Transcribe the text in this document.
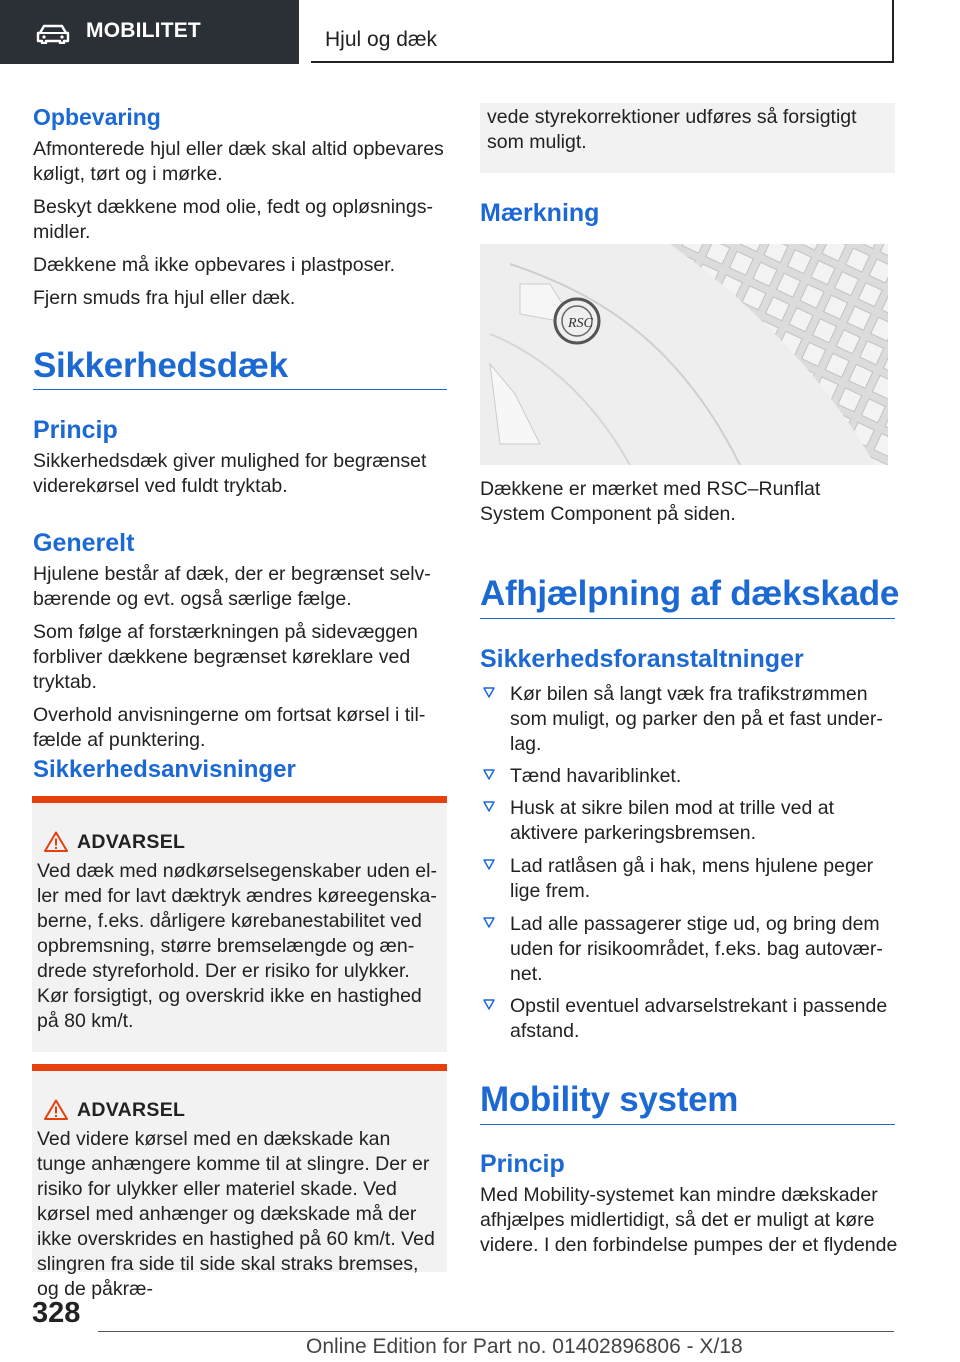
MOBILITET	Hjul og dæk

Opbevaring

Afmonterede hjul eller dæk skal altid opbevares køligt, tørt og i mørke.

Beskyt dækkene mod olie, fedt og opløsningsmidler.

Dækkene må ikke opbevares i plastposer.

Fjern smuds fra hjul eller dæk.

Sikkerhedsdæk

Princip

Sikkerhedsdæk giver mulighed for begrænset viderekørsel ved fuldt tryktab.

Generelt

Hjulene består af dæk, der er begrænset selvbærende og evt. også særlige fælge.

Som følge af forstærkningen på sidevæggen forbliver dækkene begrænset køreklare ved tryktab.

Overhold anvisningerne om fortsat kørsel i tilfælde af punktering.

Sikkerhedsanvisninger

ADVARSEL

Ved dæk med nødkørselsegenskaber uden eller med for lavt dæktryk ændres køreegenskaberne, f.eks. dårligere kørebanestabilitet ved opbremsning, større bremselængde og ændrede styreforhold. Der er risiko for ulykker. Kør forsigtigt, og overskrid ikke en hastighed på 80 km/t.

ADVARSEL

Ved videre kørsel med en dækskade kan tunge anhængere komme til at slingre. Der er risiko for ulykker eller materiel skade. Ved kørsel med anhænger og dækskade må der ikke overskrides en hastighed på 60 km/t. Ved slingren fra side til side skal straks bremses, og de påkræ-

vede styrekorrektioner udføres så forsigtigt som muligt.

Mærkning

RSC

Dækkene er mærket med RSC–Runflat System Component på siden.

Afhjælpning af dækskade

Sikkerhedsforanstaltninger

Kør bilen så langt væk fra trafikstrømmen som muligt, og parker den på et fast underlag.

Tænd havariblinket.

Husk at sikre bilen mod at trille ved at aktivere parkeringsbremsen.

Lad ratlåsen gå i hak, mens hjulene peger lige frem.

Lad alle passagerer stige ud, og bring dem uden for risikoområdet, f.eks. bag autoværnet.

Opstil eventuel advarselstrekant i passende afstand.

Mobility system

Princip

Med Mobility-systemet kan mindre dækskader afhjælpes midlertidigt, så det er muligt at køre videre. I den forbindelse pumpes der et flydende

328
Online Edition for Part no. 01402896806 - X/18
